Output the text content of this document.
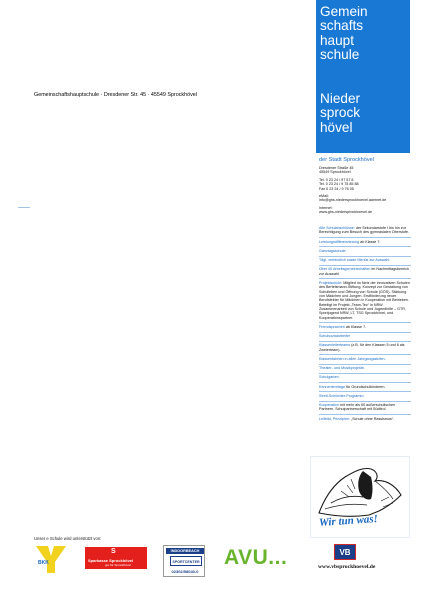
Gemeinschaftshauptschule · Dresdener Str. 45 · 45549 Sprockhövel
Gemein
schafts
haupt
schule
Nieder
sprock
hövel
der Stadt Sprockhövel
Dresdener Straße 45
45549 Sprockhövel
Tel. 0 23 24 / 97 57 8
Tel. 0 23 24 / 9 75 85 88
Fax 0 23 24 / 9 76 05
eMail:
info@ghs-niedersprockhoevel.aamnet.de
Internet:
www.ghs-niedersprockhoevel.de
Alle Schulabschlüsse: der Sekundarstufe I bis hin zur Berechtigung zum Besuch des gymnasialen Oberstufe.
Leistungsdifferenzierung ab Klasse 7.
Ganztagsschule:
Tägl. verbindlich sowie Menüs zur Auswahl.
Über 40 Arbeitsgemeinschaften im Nachmittagsbereich zur Auswahl.
Projektschule: Mitglied im Netz der innovativen Schulen des Bertelsmann-Stiftung. Konzept zur Gestaltung von Schulleben und Öffnung von Schule (GÖS). Stärkung von Mädchen und Jungen. Erstförderung neuer Berufsfelder für Mädchen in Kooperation mit Betrieben. Beteiligt im Projekt „Team-Tec“ in NRW. Zusammenarbeit von Schule und Jugendhilfe – GTR, Sportjugend NRW, LT, TSG Sprockhövel, und Kooperationspartner.
Fremdsprachen ab Klasse 7.
Schulsozialarbeiter
Klassenleiterteams (z.B. für den Klassen 5 und 6 als Zweierteam).
Klassenfahrten in allen Jahrgangsstufen.
Theater- und Musikprojekte.
Schulgarten.
Kennenlerntage für Grundschulkinderen.
Streit-Schlichter-Programm.
Kooperation mit mehr als 60 außerschulischen Partnern. Schulpartnerschaft mit Südtirol.
Leitbild, Prinzipien: „Schule ohne Rassismus“.
Wir tun was!
Unser e Schule wird unterstützt von:
BKK
S
Sparkasse Sprockhövel
gut für Sprockhövel
INDOORBEACH
SPORTCENTER
02302/58040-0
AVU...	VB
www.vbsprockhoevel.de
